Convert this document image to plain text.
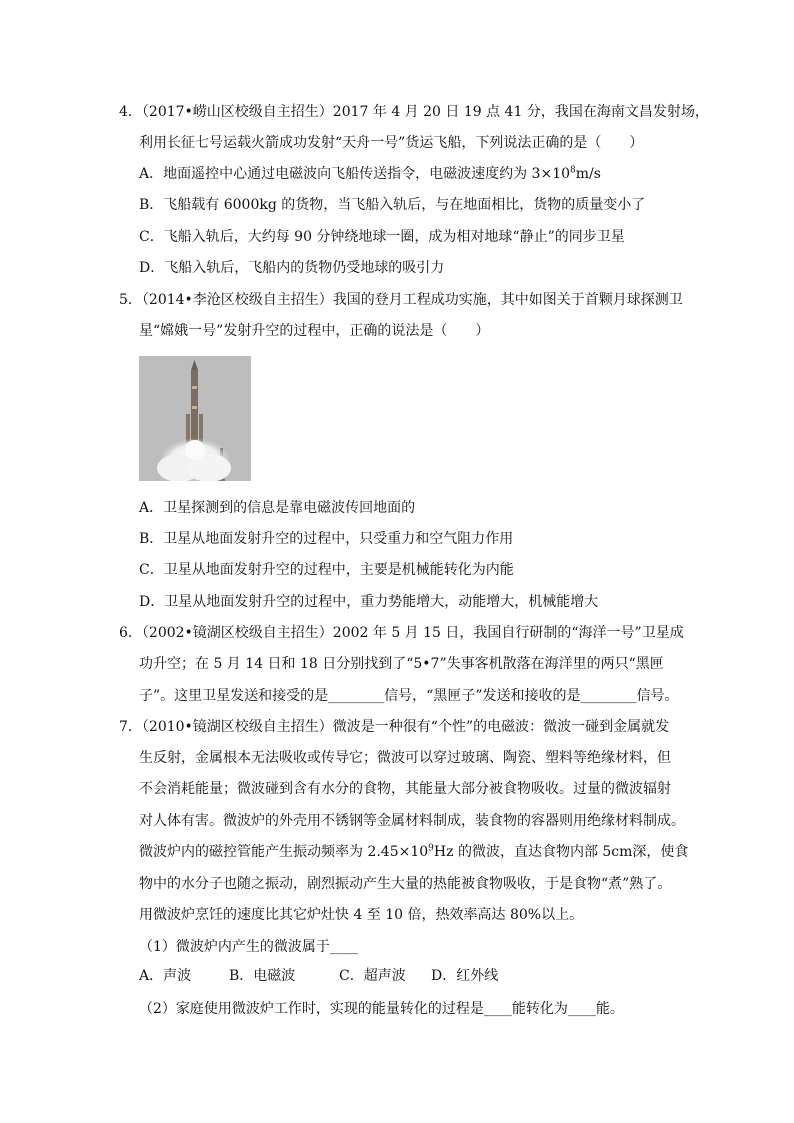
4．（2017•崂山区校级自主招生）2017 年 4 月 20 日 19 点 41 分，我国在海南文昌发射场，
利用长征七号运载火箭成功发射“天舟一号”货运飞船，下列说法正确的是（　　）
A．地面遥控中心通过电磁波向飞船传送指令，电磁波速度约为 $3\times 10^8m/s$
B．飞船载有 6000kg 的货物，当飞船入轨后，与在地面相比，货物的质量变小了
C．飞船入轨后，大约每 90 分钟绕地球一圈，成为相对地球“静止”的同步卫星
D．飞船入轨后，飞船内的货物仍受地球的吸引力
5．（2014•李沧区校级自主招生）我国的登月工程成功实施，其中如图关于首颗月球探测卫
星“嫦娥一号”发射升空的过程中，正确的说法是（　　）
A．卫星探测到的信息是靠电磁波传回地面的
B．卫星从地面发射升空的过程中，只受重力和空气阻力作用
C．卫星从地面发射升空的过程中，主要是机械能转化为内能
D．卫星从地面发射升空的过程中，重力势能增大，动能增大，机械能增大
6．（2002•镜湖区校级自主招生）2002 年 5 月 15 日，我国自行研制的“海洋一号”卫星成
功升空；在 5 月 14 日和 18 日分别找到了“5•7”失事客机散落在海洋里的两只“黑匣
子”。这里卫星发送和接受的是________信号，“黑匣子”发送和接收的是________信号。
7．（2010•镜湖区校级自主招生）微波是一种很有“个性”的电磁波：微波一碰到金属就发
生反射，金属根本无法吸收或传导它；微波可以穿过玻璃、陶瓷、塑料等绝缘材料，但
不会消耗能量；微波碰到含有水分的食物，其能量大部分被食物吸收。过量的微波辐射
对人体有害。微波炉的外壳用不锈钢等金属材料制成，装食物的容器则用绝缘材料制成。
微波炉内的磁控管能产生振动频率为 $2.45\times 10^9Hz$ 的微波，直达食物内部 5cm深，使食
物中的水分子也随之振动，剧烈振动产生大量的热能被食物吸收，于是食物“煮”熟了。
用微波炉烹饪的速度比其它炉灶快 4 至 10 倍，热效率高达 80%以上。
（1）微波炉内产生的微波属于____
A．声波	B．电磁波	C．超声波 D．红外线
（2）家庭使用微波炉工作时，实现的能量转化的过程是____能转化为____能。
